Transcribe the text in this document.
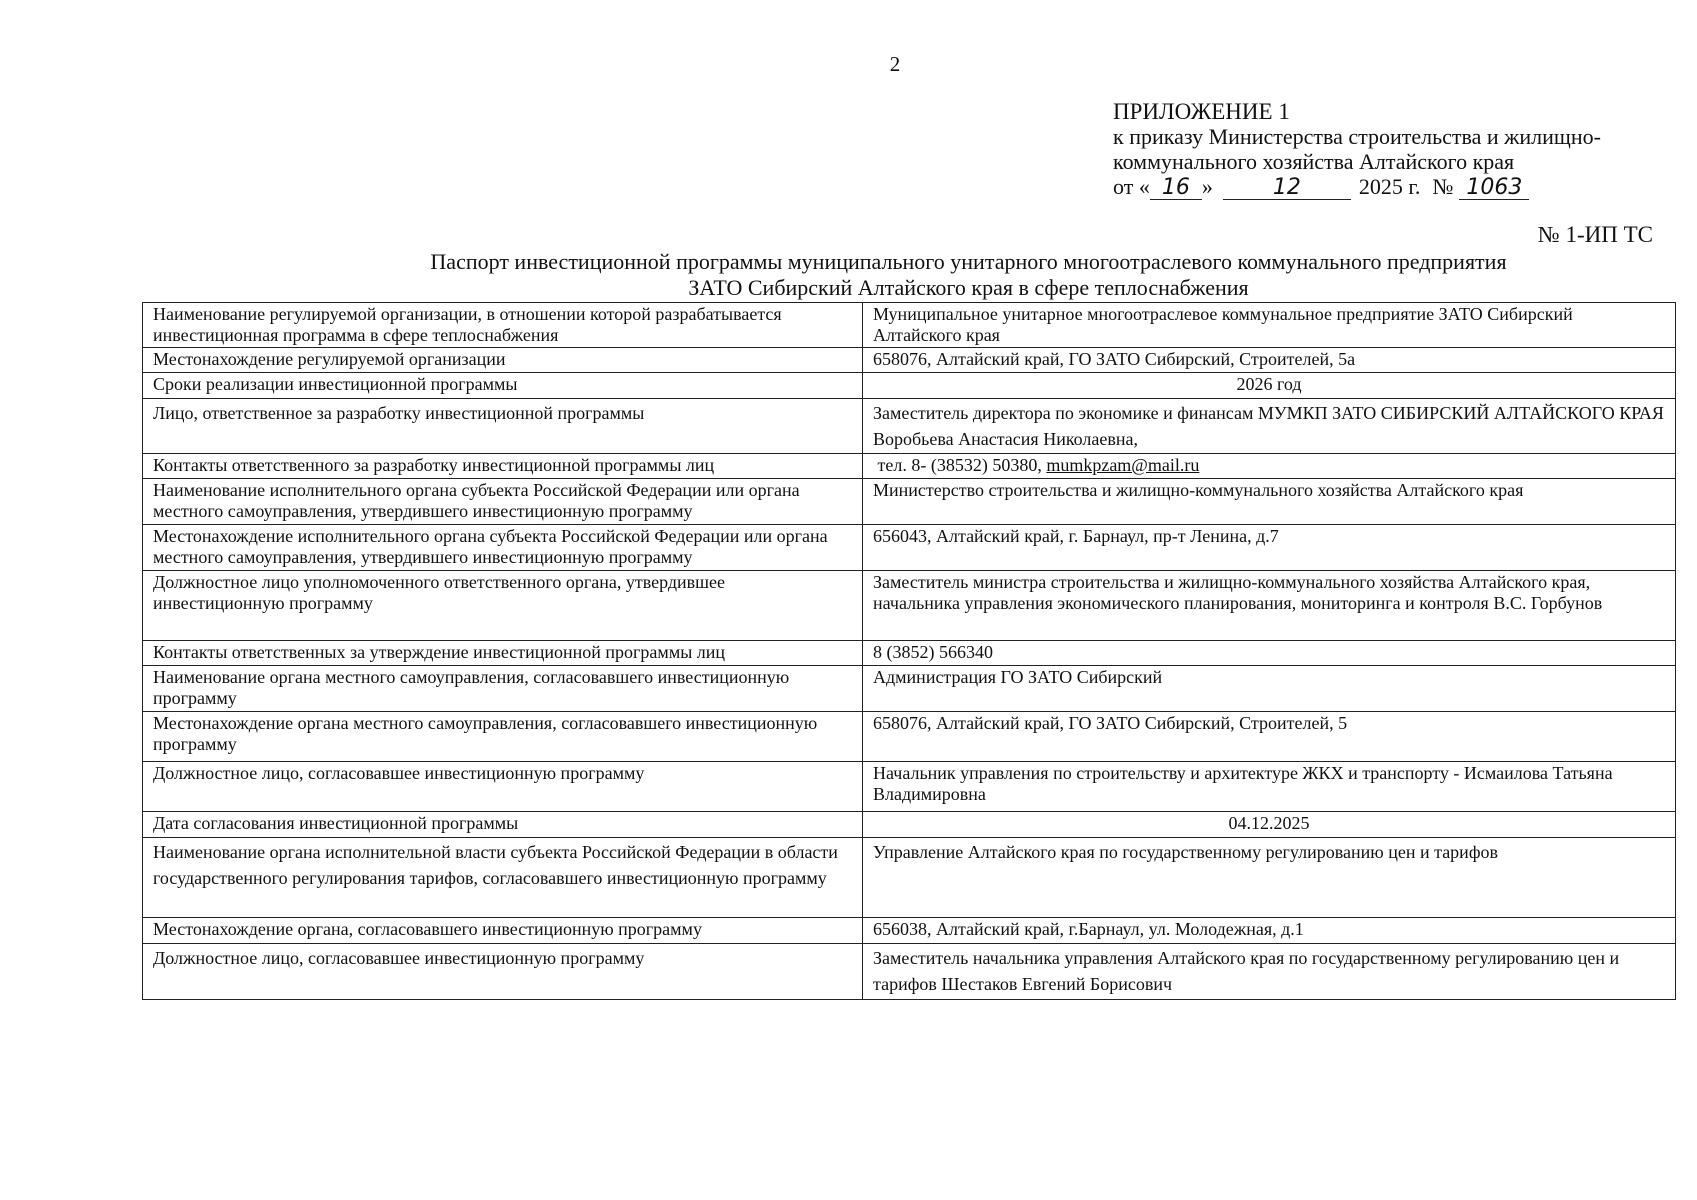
2
ПРИЛОЖЕНИЕ 1
к приказу Министерства строительства и жилищно-
коммунального хозяйства Алтайского края
от « 16 »	12	2025 г. № 1063
№ 1-ИП ТС
Паспорт инвестиционной программы муниципального унитарного многоотраслевого коммунального предприятия
ЗАТО Сибирский Алтайского края в сфере теплоснабжения
Наименование регулируемой организации, в отношении которой разрабатывается инвестиционная программа в сфере теплоснабжения	Муниципальное унитарное многоотраслевое коммунальное предприятие ЗАТО Сибирский Алтайского края
Местонахождение регулируемой организации	658076, Алтайский край, ГО ЗАТО Сибирский, Строителей, 5а
Сроки реализации инвестиционной программы	2026 год
Лицо, ответственное за разработку инвестиционной программы	Заместитель директора по экономике и финансам МУМКП ЗАТО СИБИРСКИЙ АЛТАЙСКОГО КРАЯ Воробьева Анастасия Николаевна,
Контакты ответственного за разработку инвестиционной программы лиц	тел. 8- (38532) 50380, mumkpzam@mail.ru
Наименование исполнительного органа субъекта Российской Федерации или органа местного самоуправления, утвердившего инвестиционную программу	Министерство строительства и жилищно-коммунального хозяйства Алтайского края
Местонахождение исполнительного органа субъекта Российской Федерации или органа местного самоуправления, утвердившего инвестиционную программу	656043, Алтайский край, г. Барнаул, пр-т Ленина, д.7
Должностное лицо уполномоченного ответственного органа, утвердившее инвестиционную программу	Заместитель министра строительства и жилищно-коммунального хозяйства Алтайского края, начальника управления экономического планирования, мониторинга и контроля В.С. Горбунов
Контакты ответственных за утверждение инвестиционной программы лиц	8 (3852) 566340
Наименование органа местного самоуправления, согласовавшего инвестиционную программу	Администрация ГО ЗАТО Сибирский
Местонахождение органа местного самоуправления, согласовавшего инвестиционную программу	658076, Алтайский край, ГО ЗАТО Сибирский, Строителей, 5
Должностное лицо, согласовавшее инвестиционную программу	Начальник управления по строительству и архитектуре ЖКХ и транспорту - Исмаилова Татьяна Владимировна
Дата согласования инвестиционной программы	04.12.2025
Наименование органа исполнительной власти субъекта Российской Федерации в области государственного регулирования тарифов, согласовавшего инвестиционную программу	Управление Алтайского края по государственному регулированию цен и тарифов
Местонахождение органа, согласовавшего инвестиционную программу	656038, Алтайский край, г.Барнаул, ул. Молодежная, д.1
Должностное лицо, согласовавшее инвестиционную программу	Заместитель начальника управления Алтайского края по государственному регулированию цен и тарифов Шестаков Евгений Борисович
